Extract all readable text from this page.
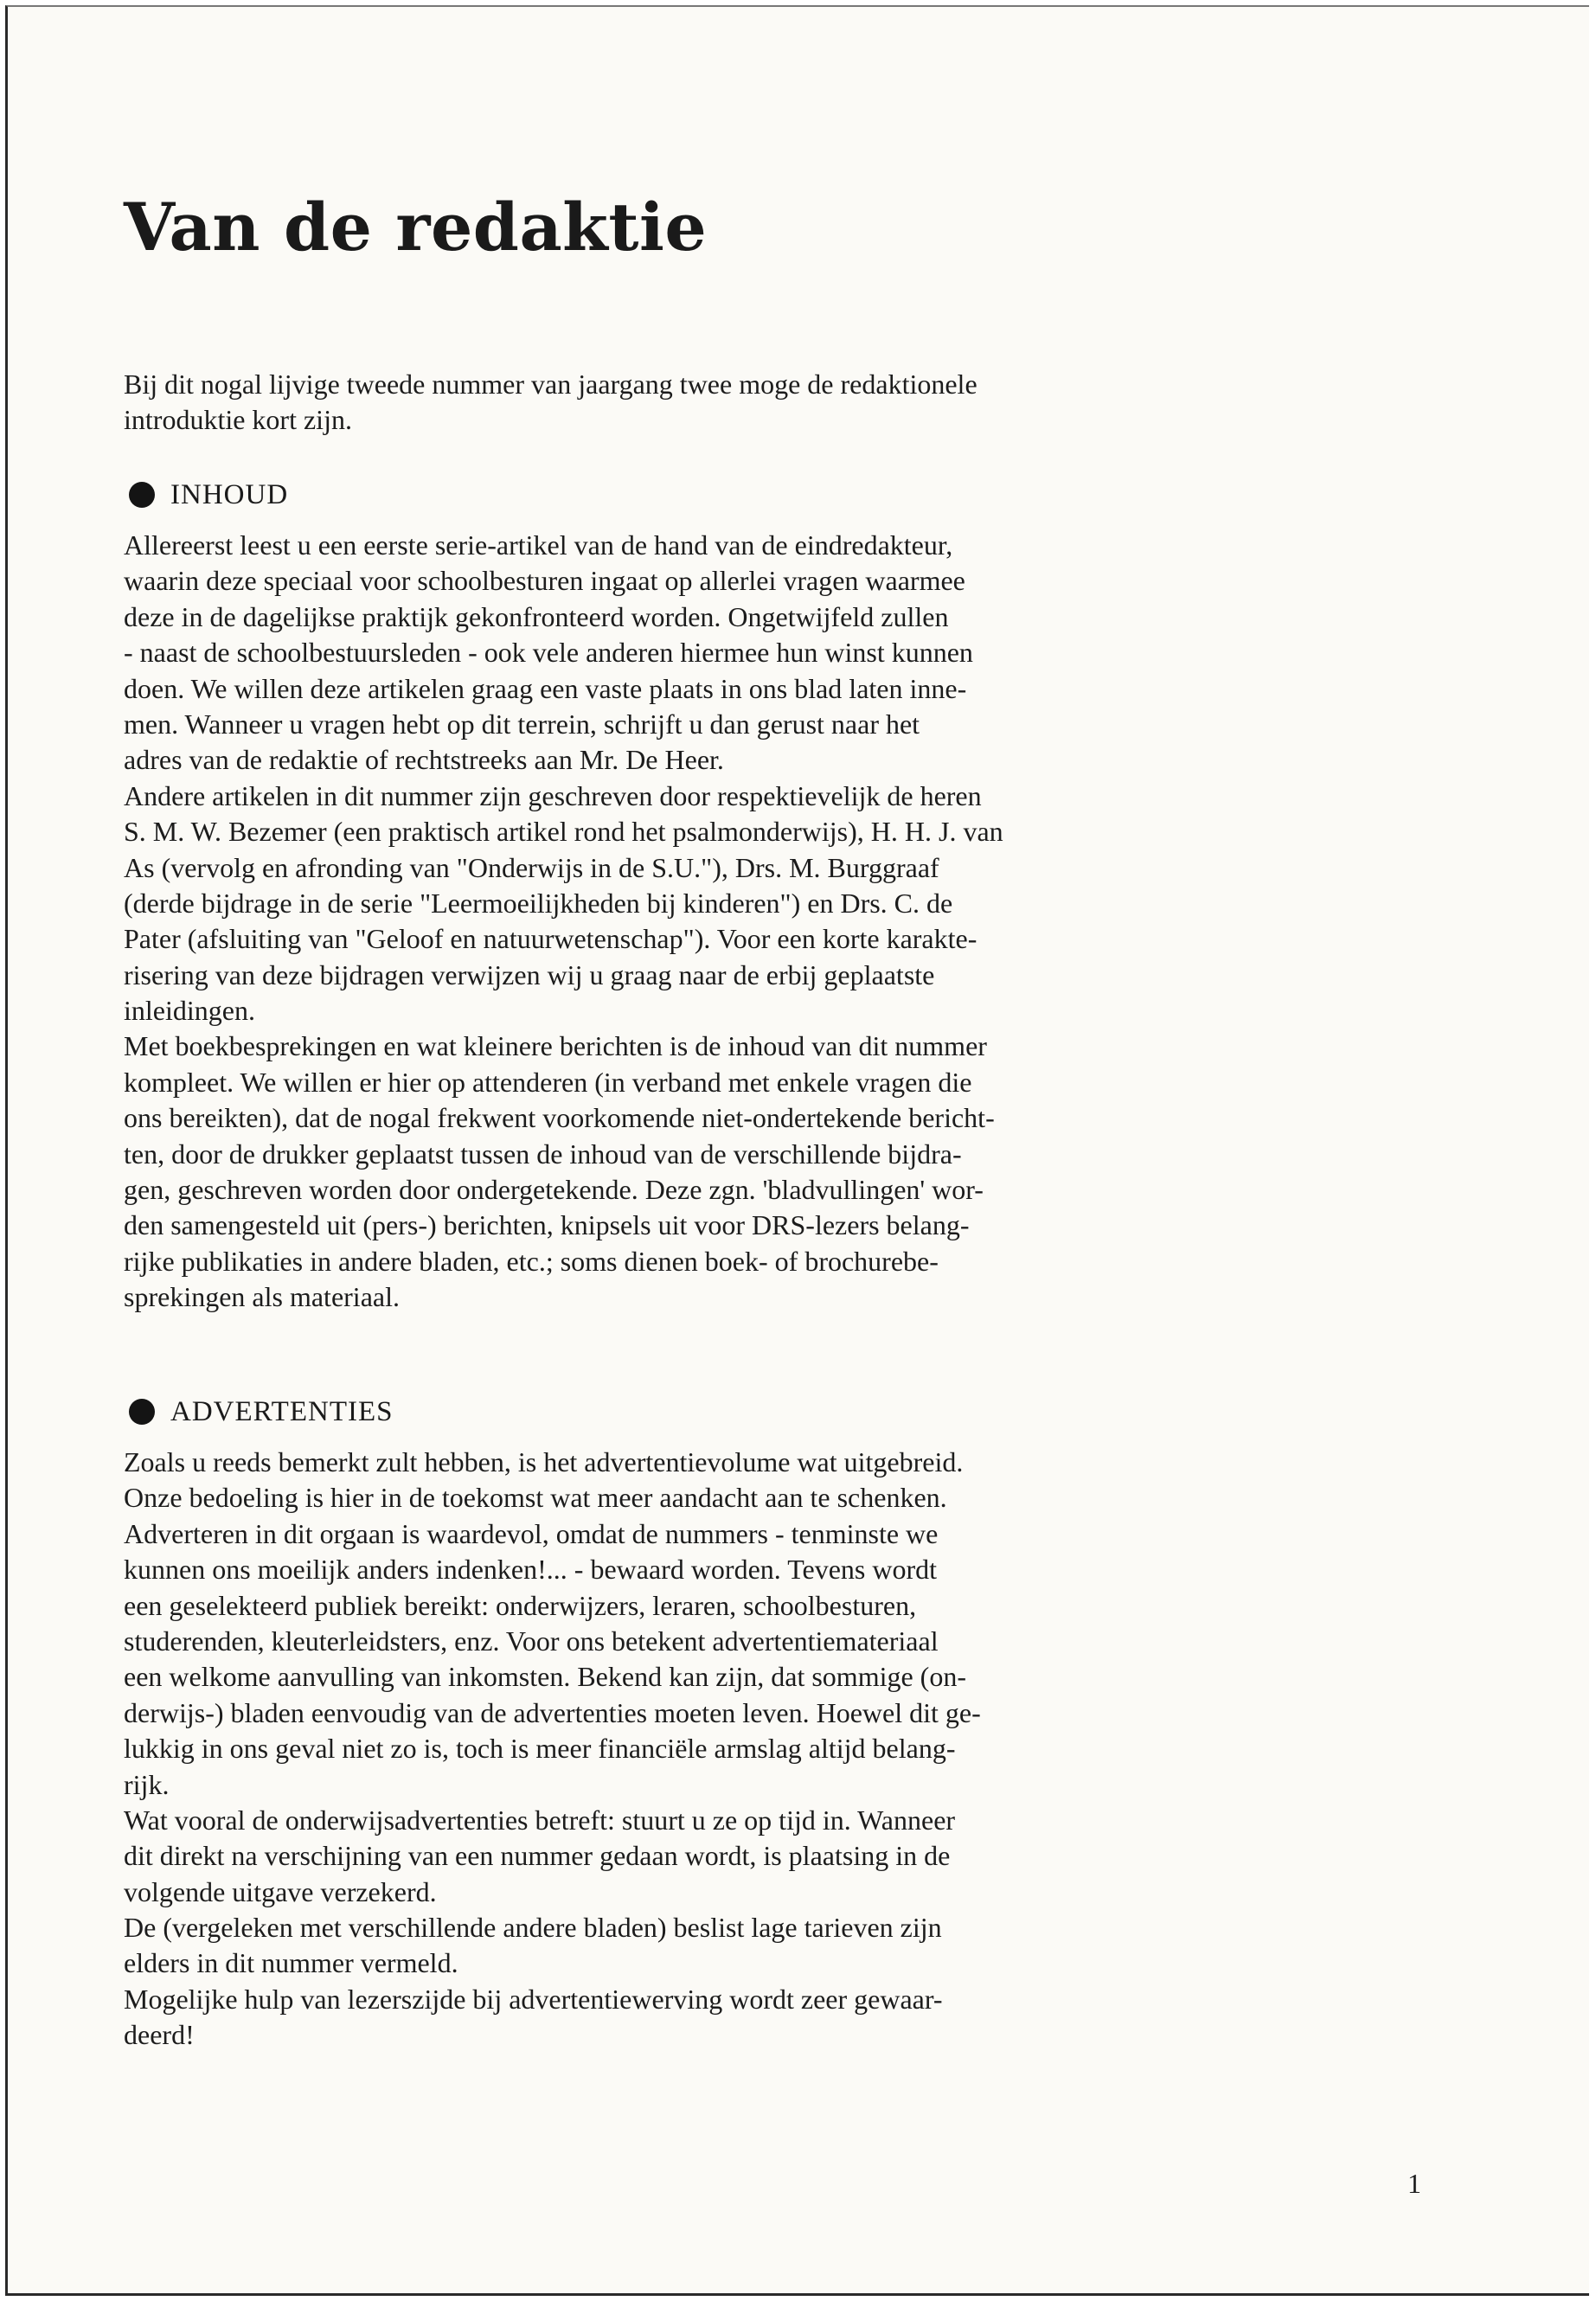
Van de redaktie
Bij dit nogal lijvige tweede nummer van jaargang twee moge de redaktionele
introduktie kort zijn.
INHOUD
Allereerst leest u een eerste serie-artikel van de hand van de eindredakteur,
waarin deze speciaal voor schoolbesturen ingaat op allerlei vragen waarmee
deze in de dagelijkse praktijk gekonfronteerd worden. Ongetwijfeld zullen
- naast de schoolbestuursleden - ook vele anderen hiermee hun winst kunnen
doen. We willen deze artikelen graag een vaste plaats in ons blad laten inne-
men. Wanneer u vragen hebt op dit terrein, schrijft u dan gerust naar het
adres van de redaktie of rechtstreeks aan Mr. De Heer.
Andere artikelen in dit nummer zijn geschreven door respektievelijk de heren
S. M. W. Bezemer (een praktisch artikel rond het psalmonderwijs), H. H. J. van
As (vervolg en afronding van "Onderwijs in de S.U."), Drs. M. Burggraaf
(derde bijdrage in de serie "Leermoeilijkheden bij kinderen") en Drs. C. de
Pater (afsluiting van "Geloof en natuurwetenschap"). Voor een korte karakte-
risering van deze bijdragen verwijzen wij u graag naar de erbij geplaatste
inleidingen.
Met boekbesprekingen en wat kleinere berichten is de inhoud van dit nummer
kompleet. We willen er hier op attenderen (in verband met enkele vragen die
ons bereikten), dat de nogal frekwent voorkomende niet-ondertekende bericht-
ten, door de drukker geplaatst tussen de inhoud van de verschillende bijdra-
gen, geschreven worden door ondergetekende. Deze zgn. 'bladvullingen' wor-
den samengesteld uit (pers-) berichten, knipsels uit voor DRS-lezers belang-
rijke publikaties in andere bladen, etc.; soms dienen boek- of brochurebe-
sprekingen als materiaal.
ADVERTENTIES
Zoals u reeds bemerkt zult hebben, is het advertentievolume wat uitgebreid.
Onze bedoeling is hier in de toekomst wat meer aandacht aan te schenken.
Adverteren in dit orgaan is waardevol, omdat de nummers - tenminste we
kunnen ons moeilijk anders indenken!... - bewaard worden. Tevens wordt
een geselekteerd publiek bereikt: onderwijzers, leraren, schoolbesturen,
studerenden, kleuterleidsters, enz. Voor ons betekent advertentiemateriaal
een welkome aanvulling van inkomsten. Bekend kan zijn, dat sommige (on-
derwijs-) bladen eenvoudig van de advertenties moeten leven. Hoewel dit ge-
lukkig in ons geval niet zo is, toch is meer financiële armslag altijd belang-
rijk.
Wat vooral de onderwijsadvertenties betreft: stuurt u ze op tijd in. Wanneer
dit direkt na verschijning van een nummer gedaan wordt, is plaatsing in de
volgende uitgave verzekerd.
De (vergeleken met verschillende andere bladen) beslist lage tarieven zijn
elders in dit nummer vermeld.
Mogelijke hulp van lezerszijde bij advertentiewerving wordt zeer gewaar-
deerd!
1
